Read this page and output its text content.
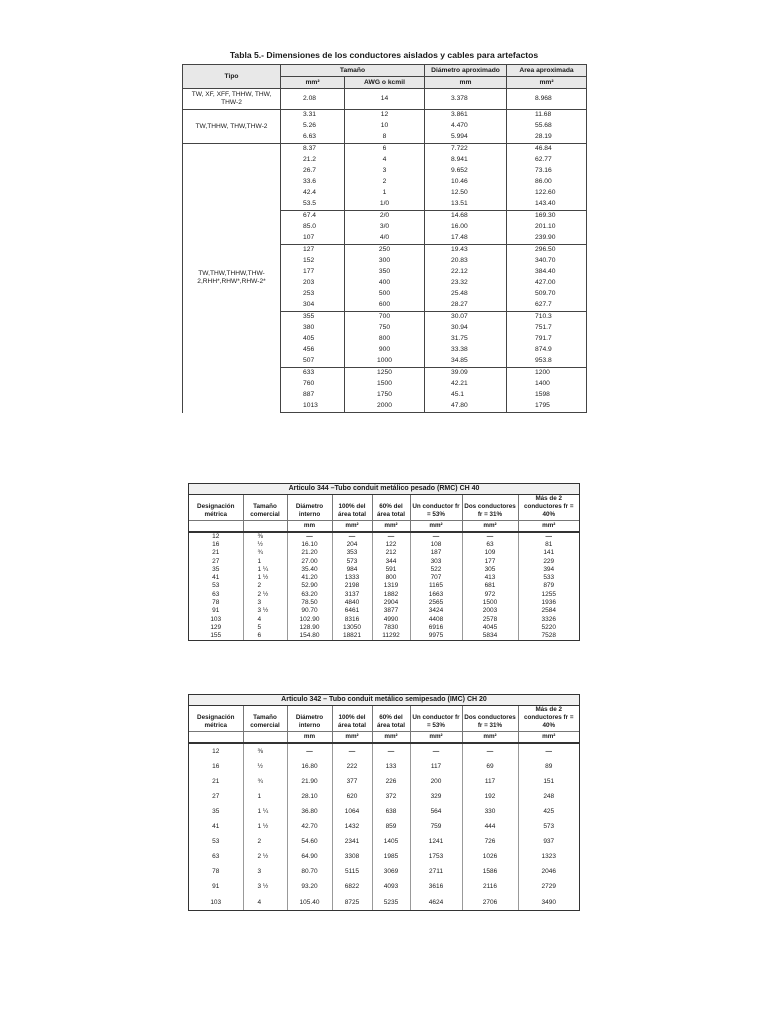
Tabla 5.- Dimensiones de los conductores aislados y cables para artefactos
Tipo	Tamaño		Diámetro aproximado	Area aproximada
	mm²	AWG o kcmil	mm	mm²
TW, XF, XFF, THHW, THW, THW-2	2.08	14	3.378	8.968
TW,THHW, THW,THW-2	3.31	12	3.861	11.68
	5.26	10	4.470	55.68
	6.63	8	5.994	28.19
TW,THW,THHW,THW-2,RHH*,RHW*,RHW-2*	8.37	6	7.722	46.84
	21.2	4	8.941	62.77
	26.7	3	9.652	73.16
	33.6	2	10.46	86.00
	42.4	1	12.50	122.60
	53.5	1/0	13.51	143.40
	67.4	2/0	14.68	169.30
	85.0	3/0	16.00	201.10
	107	4/0	17.48	239.90
	127	250	19.43	296.50
	152	300	20.83	340.70
	177	350	22.12	384.40
	203	400	23.32	427.00
	253	500	25.48	509.70
	304	600	28.27	627.7
	355	700	30.07	710.3
	380	750	30.94	751.7
	405	800	31.75	791.7
	456	900	33.38	874.9
	507	1000	34.85	953.8
	633	1250	39.09	1200
	760	1500	42.21	1400
	887	1750	45.1	1598
	1013	2000	47.80	1795
Articulo 344 –Tubo conduit metálico pesado (RMC) CH 40
Designación métrica	Tamaño comercial	Diámetro interno	100% del área total	60% del área total	Un conductor fr = 53%	Dos conductores fr = 31%	Más de 2 conductores fr = 40%
		mm	mm²	mm²	mm²	mm²	mm²
12	⅜	—	—	—	—	—	—
16	½	16.10	204	122	108	63	81
21	¾	21.20	353	212	187	109	141
27	1	27.00	573	344	303	177	229
35	1 ¼	35.40	984	591	522	305	394
41	1 ½	41.20	1333	800	707	413	533
53	2	52.90	2198	1319	1165	681	879
63	2 ½	63.20	3137	1882	1663	972	1255
78	3	78.50	4840	2904	2565	1500	1936
91	3 ½	90.70	6461	3877	3424	2003	2584
103	4	102.90	8316	4990	4408	2578	3326
129	5	128.90	13050	7830	6916	4045	5220
155	6	154.80	18821	11292	9975	5834	7528
Articulo 342 – Tubo conduit metálico semipesado (IMC) CH 20
Designación métrica	Tamaño comercial	Diámetro interno	100% del área total	60% del área total	Un conductor fr = 53%	Dos conductores fr = 31%	Más de 2 conductores fr = 40%
		mm	mm²	mm²	mm²	mm²	mm²
12	⅜	—	—	—	—	—	—
16	½	16.80	222	133	117	69	89
21	¾	21.90	377	226	200	117	151
27	1	28.10	620	372	329	192	248
35	1 ¼	36.80	1064	638	564	330	425
41	1 ½	42.70	1432	859	759	444	573
53	2	54.60	2341	1405	1241	726	937
63	2 ½	64.90	3308	1985	1753	1026	1323
78	3	80.70	5115	3069	2711	1586	2046
91	3 ½	93.20	6822	4093	3616	2116	2729
103	4	105.40	8725	5235	4624	2706	3490
